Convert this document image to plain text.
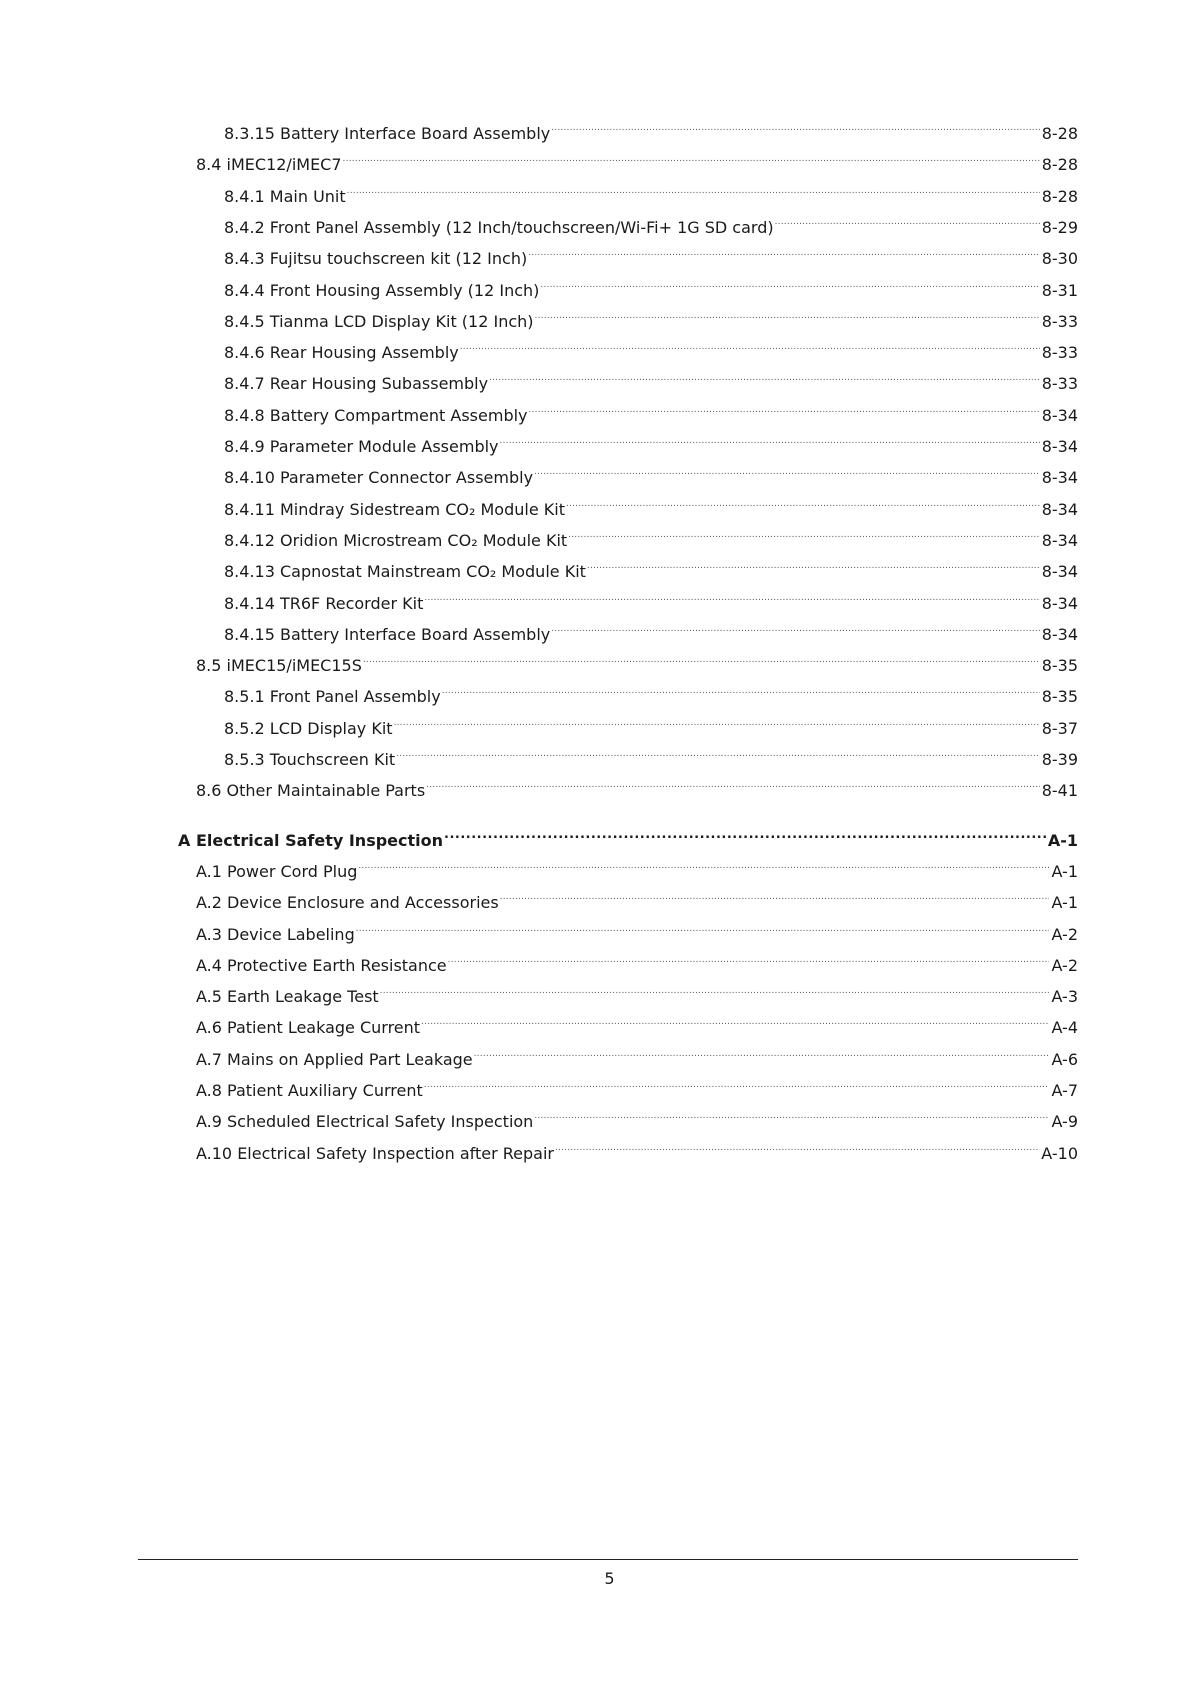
8.3.15 Battery Interface Board Assembly .....	8-28
8.4 iMEC12/iMEC7 .....	8-28
8.4.1 Main Unit .....	8-28
8.4.2 Front Panel Assembly (12 Inch/touchscreen/Wi-Fi+ 1G SD card) .....	8-29
8.4.3 Fujitsu touchscreen kit (12 Inch) .....	8-30
8.4.4 Front Housing Assembly (12 Inch) .....	8-31
8.4.5 Tianma LCD Display Kit (12 Inch) .....	8-33
8.4.6 Rear Housing Assembly .....	8-33
8.4.7 Rear Housing Subassembly .....	8-33
8.4.8 Battery Compartment Assembly .....	8-34
8.4.9 Parameter Module Assembly .....	8-34
8.4.10 Parameter Connector Assembly .....	8-34
8.4.11 Mindray Sidestream CO₂ Module Kit .....	8-34
8.4.12 Oridion Microstream CO₂ Module Kit .....	8-34
8.4.13 Capnostat Mainstream CO₂ Module Kit .....	8-34
8.4.14 TR6F Recorder Kit .....	8-34
8.4.15 Battery Interface Board Assembly .....	8-34
8.5 iMEC15/iMEC15S .....	8-35
8.5.1 Front Panel Assembly .....	8-35
8.5.2 LCD Display Kit .....	8-37
8.5.3 Touchscreen Kit .....	8-39
8.6 Other Maintainable Parts .....	8-41
A Electrical Safety Inspection .....	A-1
A.1 Power Cord Plug .....	A-1
A.2 Device Enclosure and Accessories .....	A-1
A.3 Device Labeling .....	A-2
A.4 Protective Earth Resistance .....	A-2
A.5 Earth Leakage Test .....	A-3
A.6 Patient Leakage Current .....	A-4
A.7 Mains on Applied Part Leakage .....	A-6
A.8 Patient Auxiliary Current .....	A-7
A.9 Scheduled Electrical Safety Inspection .....	A-9
A.10 Electrical Safety Inspection after Repair .....	A-10
5
